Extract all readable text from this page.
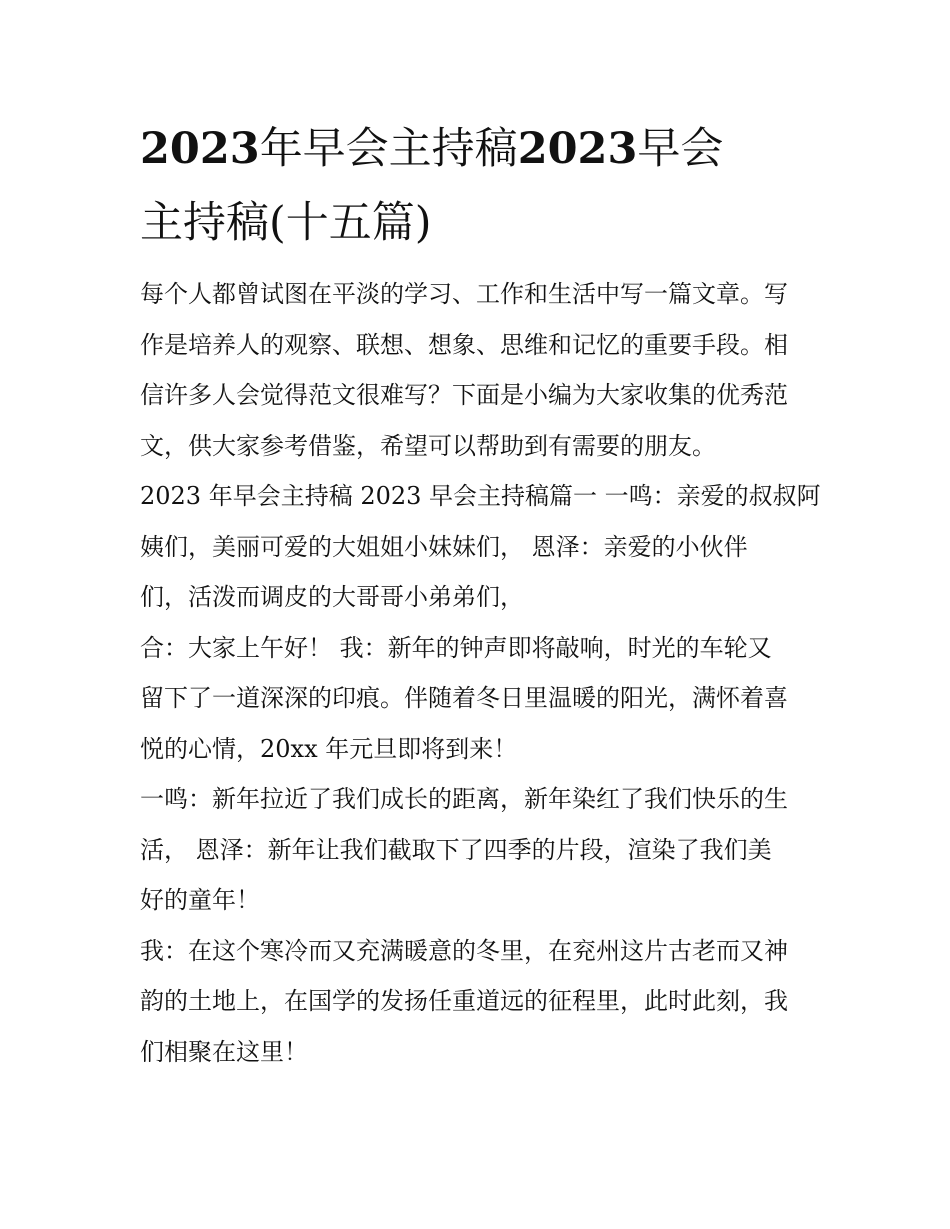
2023年早会主持稿2023早会
主持稿(十五篇)

每个人都曾试图在平淡的学习、工作和生活中写一篇文章。写
作是培养人的观察、联想、想象、思维和记忆的重要手段。相
信许多人会觉得范文很难写？下面是小编为大家收集的优秀范
文，供大家参考借鉴，希望可以帮助到有需要的朋友。

2023 年早会主持稿 2023 早会主持稿篇一 一鸣：亲爱的叔叔阿
姨们，美丽可爱的大姐姐小妹妹们， 恩泽：亲爱的小伙伴
们，活泼而调皮的大哥哥小弟弟们，

合：大家上午好！ 我：新年的钟声即将敲响，时光的车轮又
留下了一道深深的印痕。伴随着冬日里温暖的阳光，满怀着喜
悦的心情，20xx 年元旦即将到来！

一鸣：新年拉近了我们成长的距离，新年染红了我们快乐的生
活， 恩泽：新年让我们截取下了四季的片段，渲染了我们美
好的童年！

我：在这个寒冷而又充满暖意的冬里，在兖州这片古老而又神
韵的土地上，在国学的发扬任重道远的征程里，此时此刻，我
们相聚在这里！
